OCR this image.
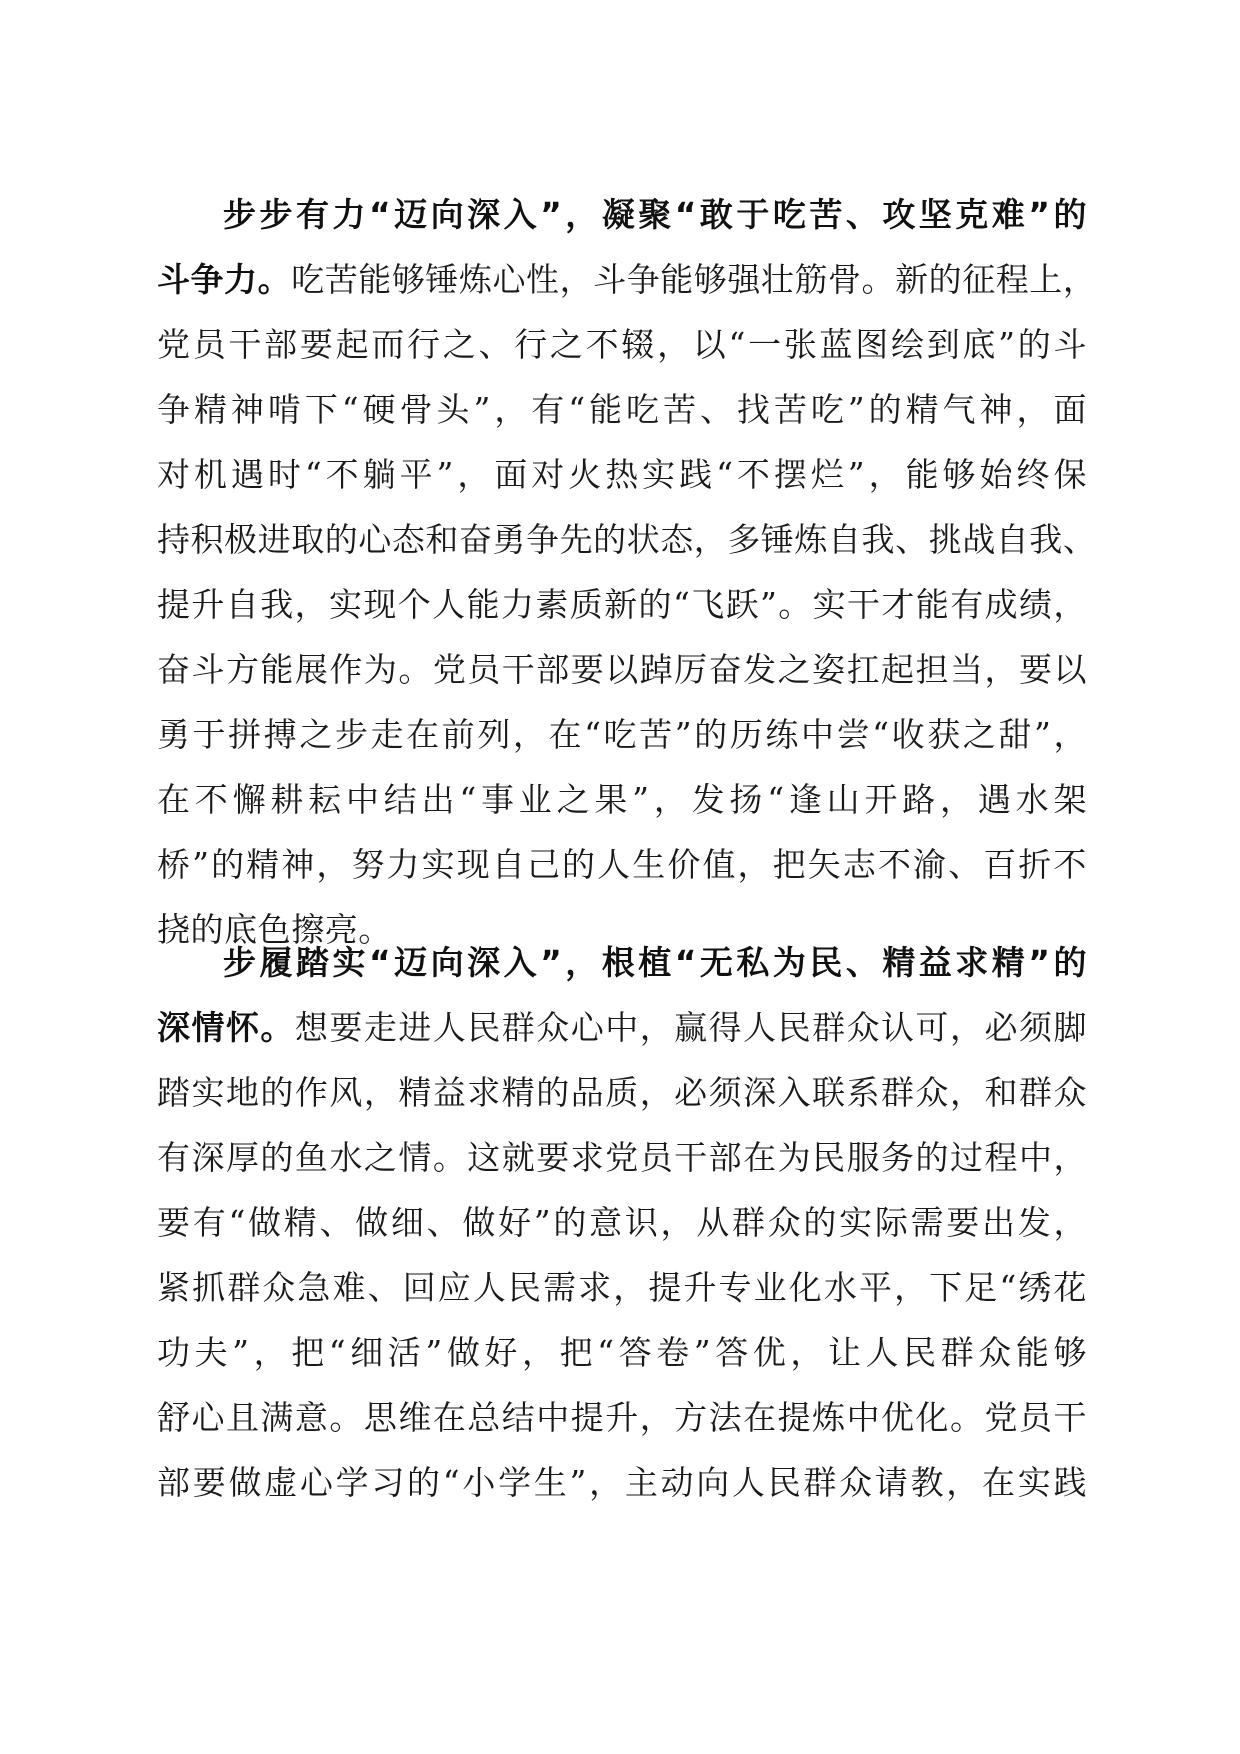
步步有力“迈向深入”，凝聚“敢于吃苦、攻坚克难”的
斗争力。吃苦能够锤炼心性，斗争能够强壮筋骨。新的征程上，
党员干部要起而行之、行之不辍，以“一张蓝图绘到底”的斗
争精神啃下“硬骨头”，有“能吃苦、找苦吃”的精气神，面
对机遇时“不躺平”，面对火热实践“不摆烂”，能够始终保
持积极进取的心态和奋勇争先的状态，多锤炼自我、挑战自我、
提升自我，实现个人能力素质新的“飞跃”。实干才能有成绩，
奋斗方能展作为。党员干部要以踔厉奋发之姿扛起担当，要以
勇于拼搏之步走在前列，在“吃苦”的历练中尝“收获之甜”，
在不懈耕耘中结出“事业之果”，发扬“逢山开路，遇水架
桥”的精神，努力实现自己的人生价值，把矢志不渝、百折不
挠的底色擦亮。
步履踏实“迈向深入”，根植“无私为民、精益求精”的
深情怀。想要走进人民群众心中，赢得人民群众认可，必须脚
踏实地的作风，精益求精的品质，必须深入联系群众，和群众
有深厚的鱼水之情。这就要求党员干部在为民服务的过程中，
要有“做精、做细、做好”的意识，从群众的实际需要出发，
紧抓群众急难、回应人民需求，提升专业化水平，下足“绣花
功夫”，把“细活”做好，把“答卷”答优，让人民群众能够
舒心且满意。思维在总结中提升，方法在提炼中优化。党员干
部要做虚心学习的“小学生”，主动向人民群众请教，在实践
